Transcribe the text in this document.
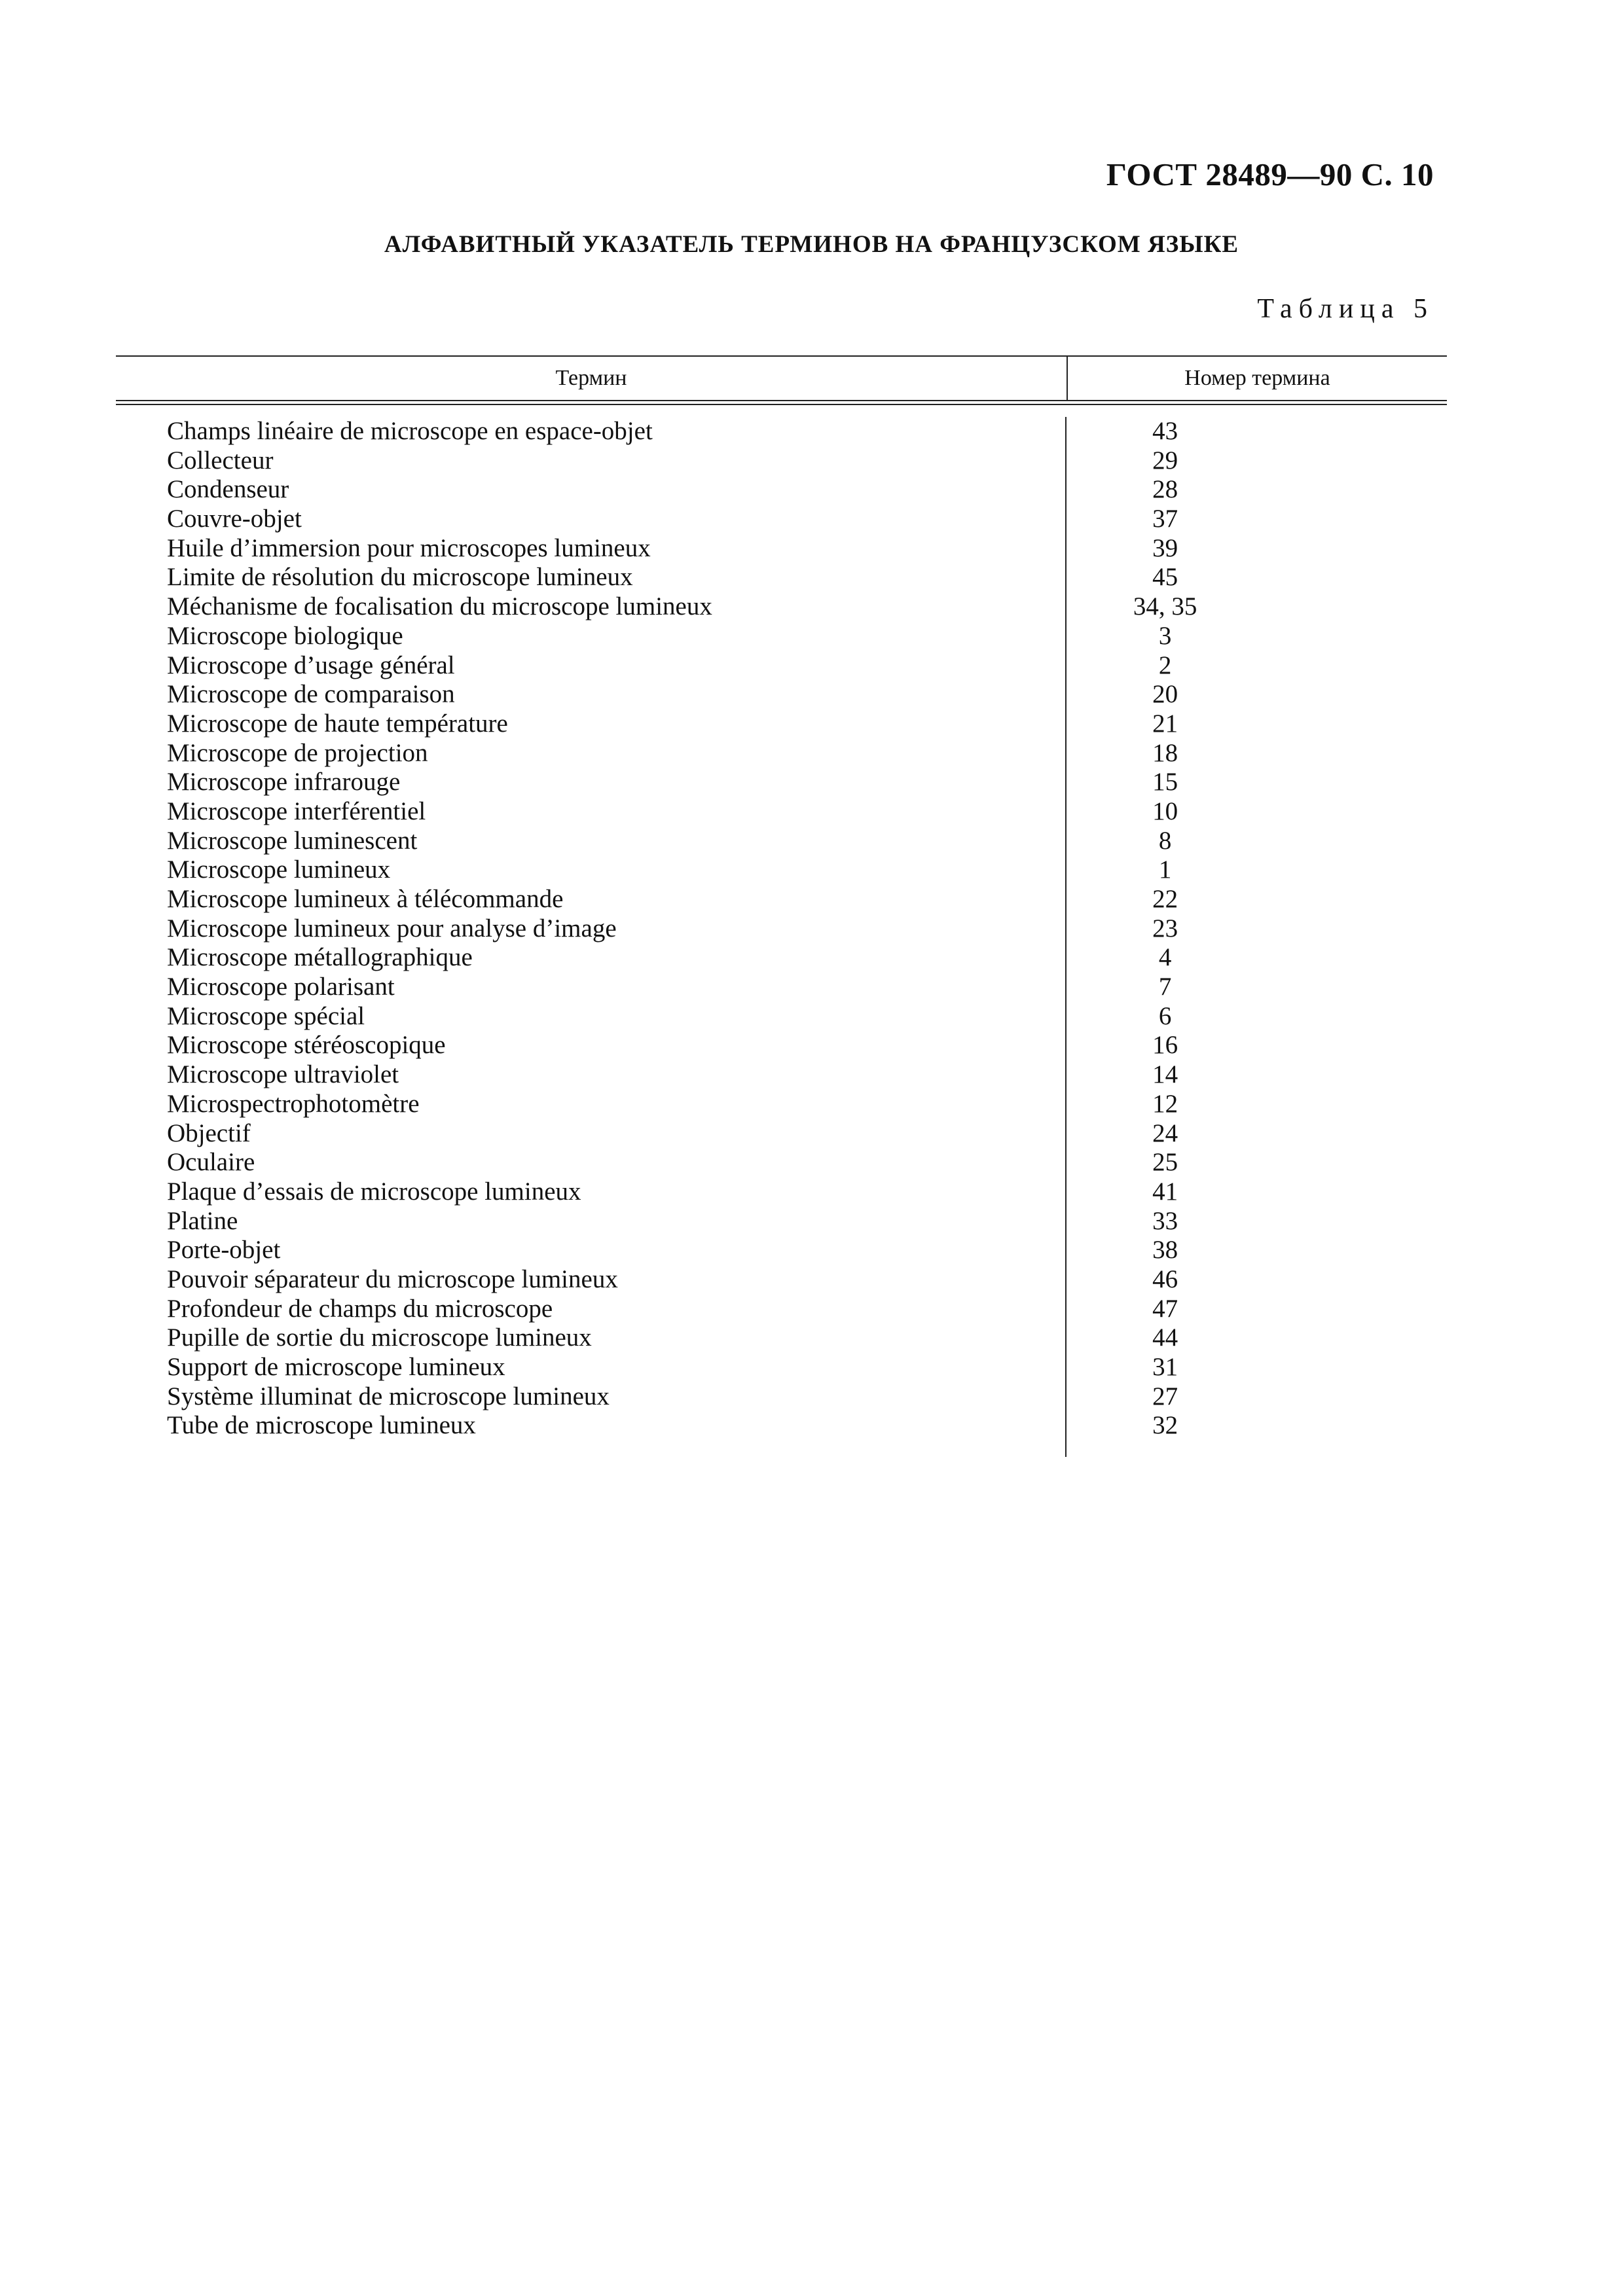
ГОСТ 28489—90 С. 10
АЛФАВИТНЫЙ УКАЗАТЕЛЬ ТЕРМИНОВ НА ФРАНЦУЗСКОМ ЯЗЫКЕ
Таблица 5
Термин	Номер термина
Champs linéaire de microscope en espace-objet	43
Collecteur	29
Condenseur	28
Couvre-objet	37
Huile d’immersion pour microscopes lumineux	39
Limite de résolution du microscope lumineux	45
Méchanisme de focalisation du microscope lumineux	34, 35
Microscope biologique	3
Microscope d’usage général	2
Microscope de comparaison	20
Microscope de haute température	21
Microscope de projection	18
Microscope infrarouge	15
Microscope interférentiel	10
Microscope luminescent	8
Microscope lumineux	1
Microscope lumineux à télécommande	22
Microscope lumineux pour analyse d’image	23
Microscope métallographique	4
Microscope polarisant	7
Microscope spécial	6
Microscope stéréoscopique	16
Microscope ultraviolet	14
Microspectrophotomètre	12
Objectif	24
Oculaire	25
Plaque d’essais de microscope lumineux	41
Platine	33
Porte-objet	38
Pouvoir séparateur du microscope lumineux	46
Profondeur de champs du microscope	47
Pupille de sortie du microscope lumineux	44
Support de microscope lumineux	31
Système illuminat de microscope lumineux	27
Tube de microscope lumineux	32
